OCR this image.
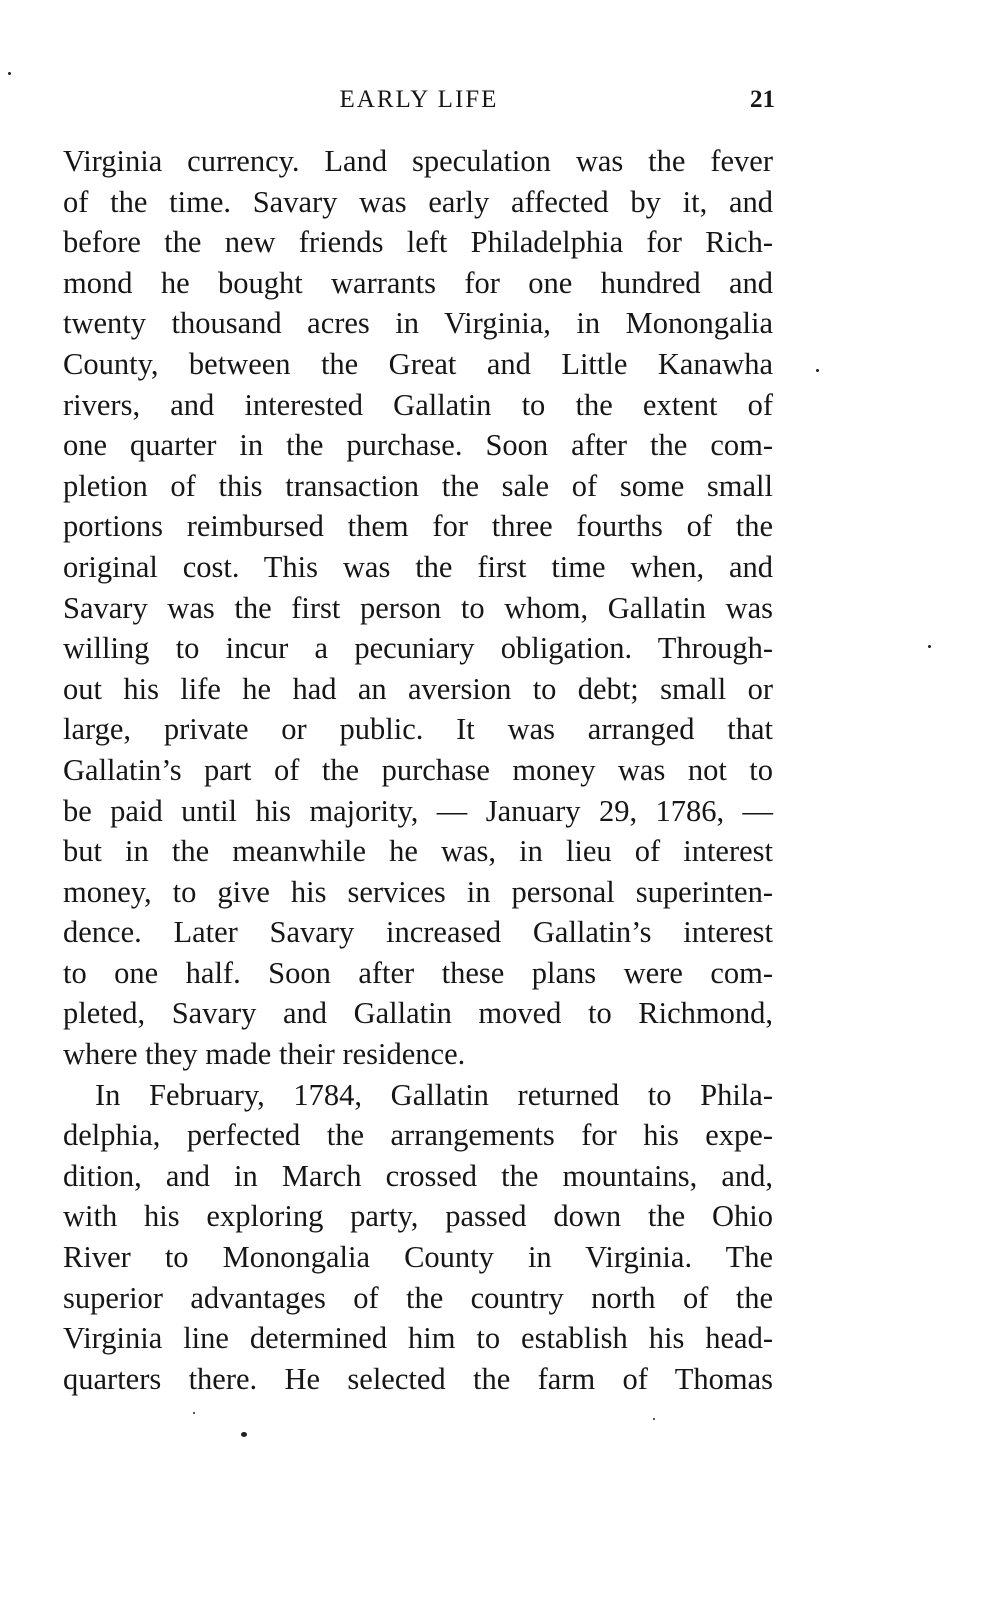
EARLY LIFE	21
Virginia currency. Land speculation was the fever
of the time. Savary was early affected by it, and
before the new friends left Philadelphia for Rich-
mond he bought warrants for one hundred and
twenty thousand acres in Virginia, in Monongalia
County, between the Great and Little Kanawha
rivers, and interested Gallatin to the extent of
one quarter in the purchase. Soon after the com-
pletion of this transaction the sale of some small
portions reimbursed them for three fourths of the
original cost. This was the first time when, and
Savary was the first person to whom, Gallatin was
willing to incur a pecuniary obligation. Through-
out his life he had an aversion to debt; small or
large, private or public. It was arranged that
Gallatin’s part of the purchase money was not to
be paid until his majority, — January 29, 1786, —
but in the meanwhile he was, in lieu of interest
money, to give his services in personal superinten-
dence. Later Savary increased Gallatin’s interest
to one half. Soon after these plans were com-
pleted, Savary and Gallatin moved to Richmond,
where they made their residence.
In February, 1784, Gallatin returned to Phila-
delphia, perfected the arrangements for his expe-
dition, and in March crossed the mountains, and,
with his exploring party, passed down the Ohio
River to Monongalia County in Virginia. The
superior advantages of the country north of the
Virginia line determined him to establish his head-
quarters there. He selected the farm of Thomas
